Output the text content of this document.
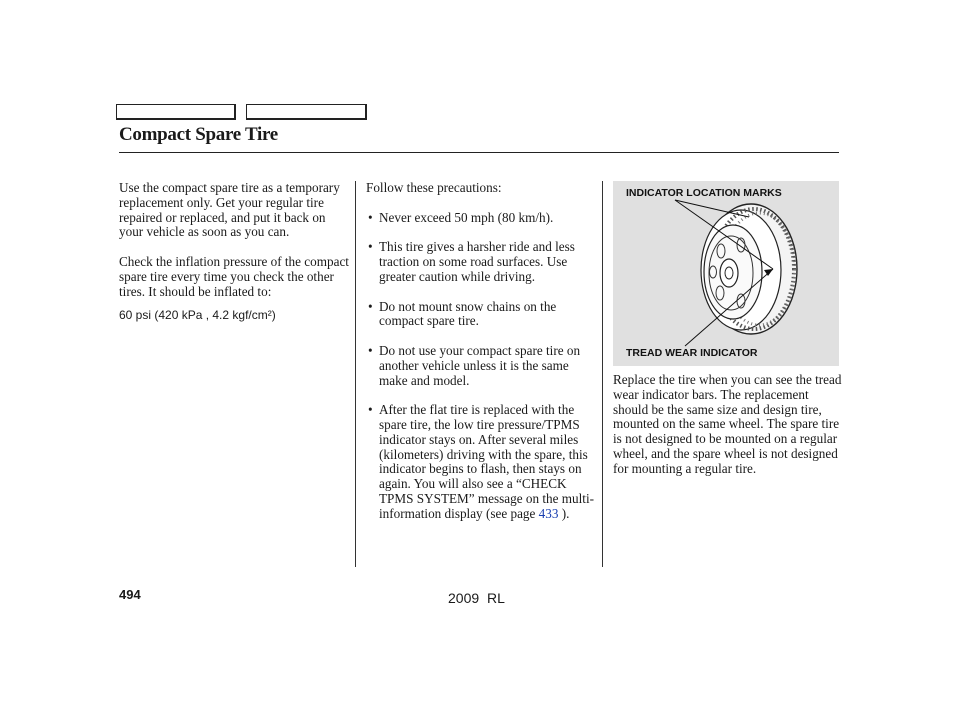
Compact Spare Tire

Use the compact spare tire as a temporary replacement only. Get your regular tire repaired or replaced, and put it back on your vehicle as soon as you can.

Check the inflation pressure of the compact spare tire every time you check the other tires. It should be inflated to:

60 psi (420 kPa , 4.2 kgf/cm²)

Follow these precautions:

• Never exceed 50 mph (80 km/h).
• This tire gives a harsher ride and less traction on some road surfaces. Use greater caution while driving.
• Do not mount snow chains on the compact spare tire.
• Do not use your compact spare tire on another vehicle unless it is the same make and model.
• After the flat tire is replaced with the spare tire, the low tire pressure/TPMS indicator stays on. After several miles (kilometers) driving with the spare, this indicator begins to flash, then stays on again. You will also see a “CHECK TPMS SYSTEM” message on the multi-information display (see page 433 ).
INDICATOR LOCATION MARKS
TREAD WEAR INDICATOR

Replace the tire when you can see the tread wear indicator bars. The replacement should be the same size and design tire, mounted on the same wheel. The spare tire is not designed to be mounted on a regular wheel, and the spare wheel is not designed for mounting a regular tire.

494	2009 RL
